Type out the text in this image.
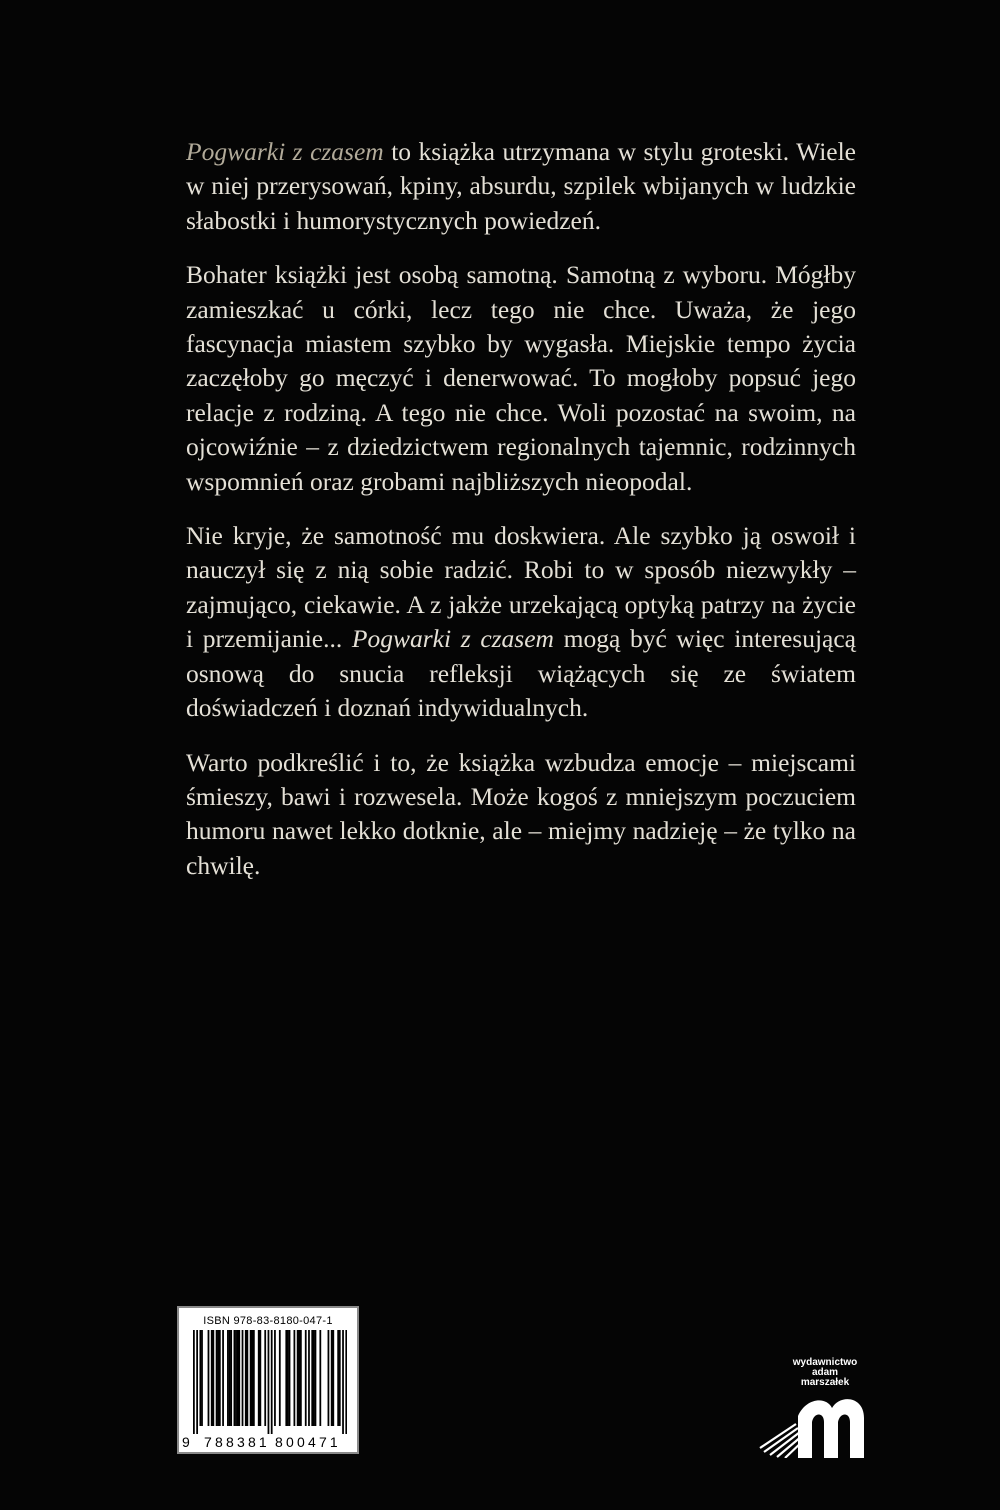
Pogwarki z czasem to książka utrzymana w stylu groteski. Wiele w niej przerysowań, kpiny, absurdu, szpilek wbijanych w ludzkie słabostki i humorystycznych powiedzeń.

Bohater książki jest osobą samotną. Samotną z wyboru. Mógłby zamieszkać u córki, lecz tego nie chce. Uważa, że jego fascynacja miastem szybko by wygasła. Miejskie tempo życia zaczęłoby go męczyć i denerwować. To mogłoby popsuć jego relacje z rodziną. A tego nie chce. Woli pozostać na swoim, na ojcowiźnie – z dziedzictwem regionalnych tajemnic, rodzinnych wspomnień oraz grobami najbliższych nieopodal.

Nie kryje, że samotność mu doskwiera. Ale szybko ją oswoił i nauczył się z nią sobie radzić. Robi to w sposób niezwykły – zajmująco, ciekawie. A z jakże urzekającą optyką patrzy na życie i przemijanie... Pogwarki z czasem mogą być więc interesującą osnową do snucia refleksji wiążących się ze światem doświadczeń i doznań indywidualnych.

Warto podkreślić i to, że książka wzbudza emocje – miejscami śmieszy, bawi i rozwesela. Może kogoś z mniejszym poczuciem humoru nawet lekko dotknie, ale – miejmy nadzieję – że tylko na chwilę.

ISBN 978-83-8180-047-1
9 788381 800471
wydawnictwo
adam
marszałek
